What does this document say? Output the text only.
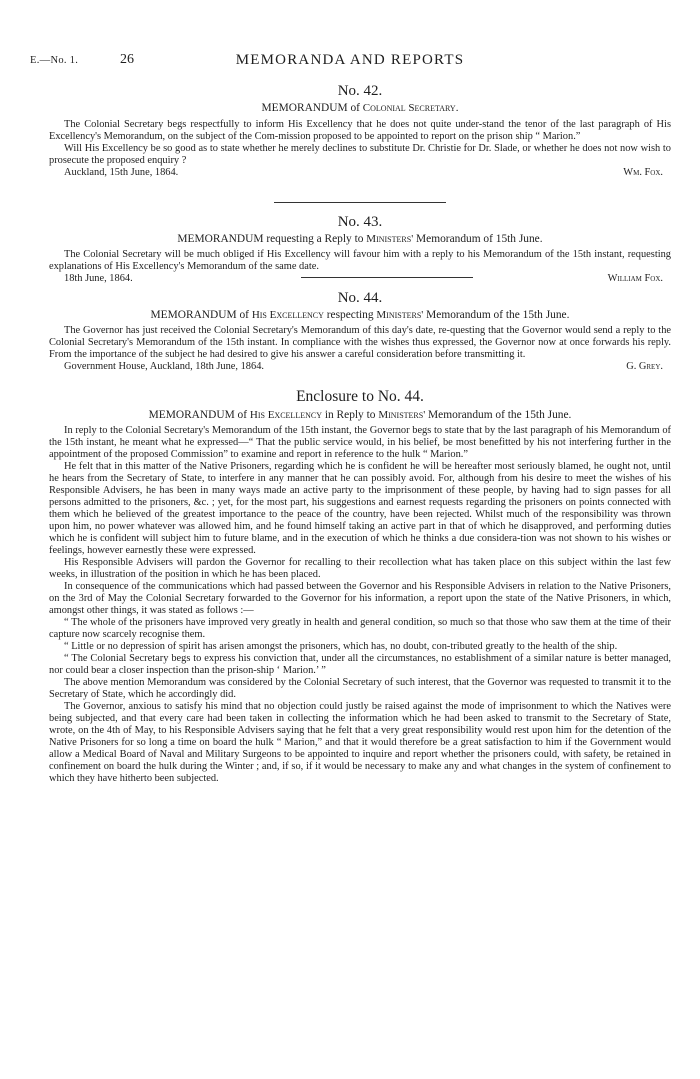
E.—No. 1.	26	MEMORANDA AND REPORTS

No. 42.

MEMORANDUM of Colonial Secretary.

The Colonial Secretary begs respectfully to inform His Excellency that he does not quite under-stand the tenor of the last paragraph of His Excellency's Memorandum, on the subject of the Com-mission proposed to be appointed to report on the prison ship “ Marion.”

Will His Excellency be so good as to state whether he merely declines to substitute Dr. Christie for Dr. Slade, or whether he does not now wish to prosecute the proposed enquiry ?

Auckland, 15th June, 1864.	Wm. Fox.

No. 43.

MEMORANDUM requesting a Reply to Ministers' Memorandum of 15th June.

The Colonial Secretary will be much obliged if His Excellency will favour him with a reply to his Memorandum of the 15th instant, requesting explanations of His Excellency's Memorandum of the same date.

18th June, 1864.	William Fox.

No. 44.

MEMORANDUM of His Excellency respecting Ministers' Memorandum of the 15th June.

The Governor has just received the Colonial Secretary's Memorandum of this day's date, re-questing that the Governor would send a reply to the Colonial Secretary's Memorandum of the 15th instant. In compliance with the wishes thus expressed, the Governor now at once forwards his reply. From the importance of the subject he had desired to give his answer a careful consideration before transmitting it.

Government House, Auckland, 18th June, 1864.	G. Grey.

Enclosure to No. 44.

MEMORANDUM of His Excellency in Reply to Ministers' Memorandum of the 15th June.

In reply to the Colonial Secretary's Memorandum of the 15th instant, the Governor begs to state that by the last paragraph of his Memorandum of the 15th instant, he meant what he expressed—“ That the public service would, in his belief, be most benefitted by his not interfering further in the appointment of the proposed Commission” to examine and report in reference to the hulk “ Marion.”

He felt that in this matter of the Native Prisoners, regarding which he is confident he will be hereafter most seriously blamed, he ought not, until he hears from the Secretary of State, to interfere in any manner that he can possibly avoid. For, although from his desire to meet the wishes of his Responsible Advisers, he has been in many ways made an active party to the imprisonment of these people, by having had to sign passes for all persons admitted to the prisoners, &c. ; yet, for the most part, his suggestions and earnest requests regarding the prisoners on points connected with them which he believed of the greatest importance to the peace of the country, have been rejected. Whilst much of the responsibility was thrown upon him, no power whatever was allowed him, and he found himself taking an active part in that of which he disapproved, and performing duties which he is confident will subject him to future blame, and in the execution of which he thinks a due considera-tion was not shown to his wishes or feelings, however earnestly these were expressed.

His Responsible Advisers will pardon the Governor for recalling to their recollection what has taken place on this subject within the last few weeks, in illustration of the position in which he has been placed.

In consequence of the communications which had passed between the Governor and his Responsible Advisers in relation to the Native Prisoners, on the 3rd of May the Colonial Secretary forwarded to the Governor for his information, a report upon the state of the Native Prisoners, in which, amongst other things, it was stated as follows :—

“ The whole of the prisoners have improved very greatly in health and general condition, so much so that those who saw them at the time of their capture now scarcely recognise them.

“ Little or no depression of spirit has arisen amongst the prisoners, which has, no doubt, con-tributed greatly to the health of the ship.

“ The Colonial Secretary begs to express his conviction that, under all the circumstances, no establishment of a similar nature is better managed, nor could bear a closer inspection than the prison-ship ‘ Marion.’ ”

The above mention Memorandum was considered by the Colonial Secretary of such interest, that the Governor was requested to transmit it to the Secretary of State, which he accordingly did.

The Governor, anxious to satisfy his mind that no objection could justly be raised against the mode of imprisonment to which the Natives were being subjected, and that every care had been taken in collecting the information which he had been asked to transmit to the Secretary of State, wrote, on the 4th of May, to his Responsible Advisers saying that he felt that a very great responsibility would rest upon him for the detention of the Native Prisoners for so long a time on board the hulk “ Marion,” and that it would therefore be a great satisfaction to him if the Government would allow a Medical Board of Naval and Military Surgeons to be appointed to inquire and report whether the prisoners could, with safety, be retained in confinement on board the hulk during the Winter ; and, if so, if it would be necessary to make any and what changes in the system of confinement to which they have hitherto been subjected.
